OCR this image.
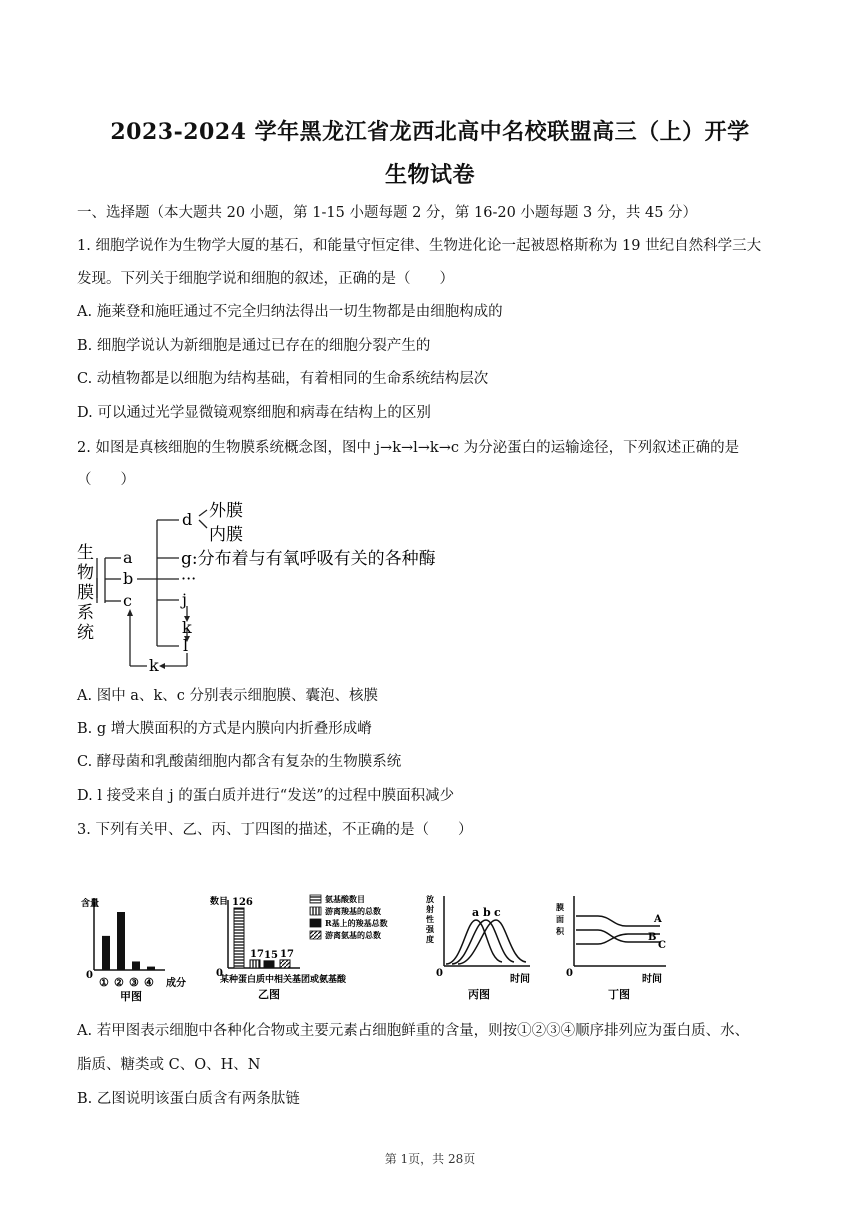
2023-2024 学年黑龙江省龙西北高中名校联盟高三（上）开学
生物试卷
一、选择题（本大题共 20 小题，第 1-15 小题每题 2 分，第 16-20 小题每题 3 分，共 45 分）
1. 细胞学说作为生物学大厦的基石，和能量守恒定律、生物进化论一起被恩格斯称为 19 世纪自然科学三大
发现。下列关于细胞学说和细胞的叙述，正确的是（　　）
A. 施莱登和施旺通过不完全归纳法得出一切生物都是由细胞构成的
B. 细胞学说认为新细胞是通过已存在的细胞分裂产生的
C. 动植物都是以细胞为结构基础，有着相同的生命系统结构层次
D. 可以通过光学显微镜观察细胞和病毒在结构上的区别
2. 如图是真核细胞的生物膜系统概念图，图中 j→k→l→k→c 为分泌蛋白的运输途径，下列叙述正确的是
（　　）
生
物
膜
系
统
a
b
c
d 外膜
内膜
g:分布着与有氧呼吸有关的各种酶
···
j
k
l
k
A. 图中 a、k、c 分别表示细胞膜、囊泡、核膜
B. g 增大膜面积的方式是内膜向内折叠形成嵴
C. 酵母菌和乳酸菌细胞内都含有复杂的生物膜系统
D. l 接受来自 j 的蛋白质并进行“发送”的过程中膜面积减少
3. 下列有关甲、乙、丙、丁四图的描述，不正确的是（　　）
含量
0
① ② ③ ④ 成分
甲图
数目
0
126
17 15 17
氨基酸数目
游离羧基的总数
R基上的羧基总数
游离氨基的总数
某种蛋白质中相关基团或氨基酸
乙图
放
射
性
强
度
0
a b c
时间
丙图
膜
面
积
0
A
B
C
时间
丁图
A. 若甲图表示细胞中各种化合物或主要元素占细胞鲜重的含量，则按①②③④顺序排列应为蛋白质、水、
脂质、糖类或 C、O、H、N
B. 乙图说明该蛋白质含有两条肽链
第 1页，共 28页
